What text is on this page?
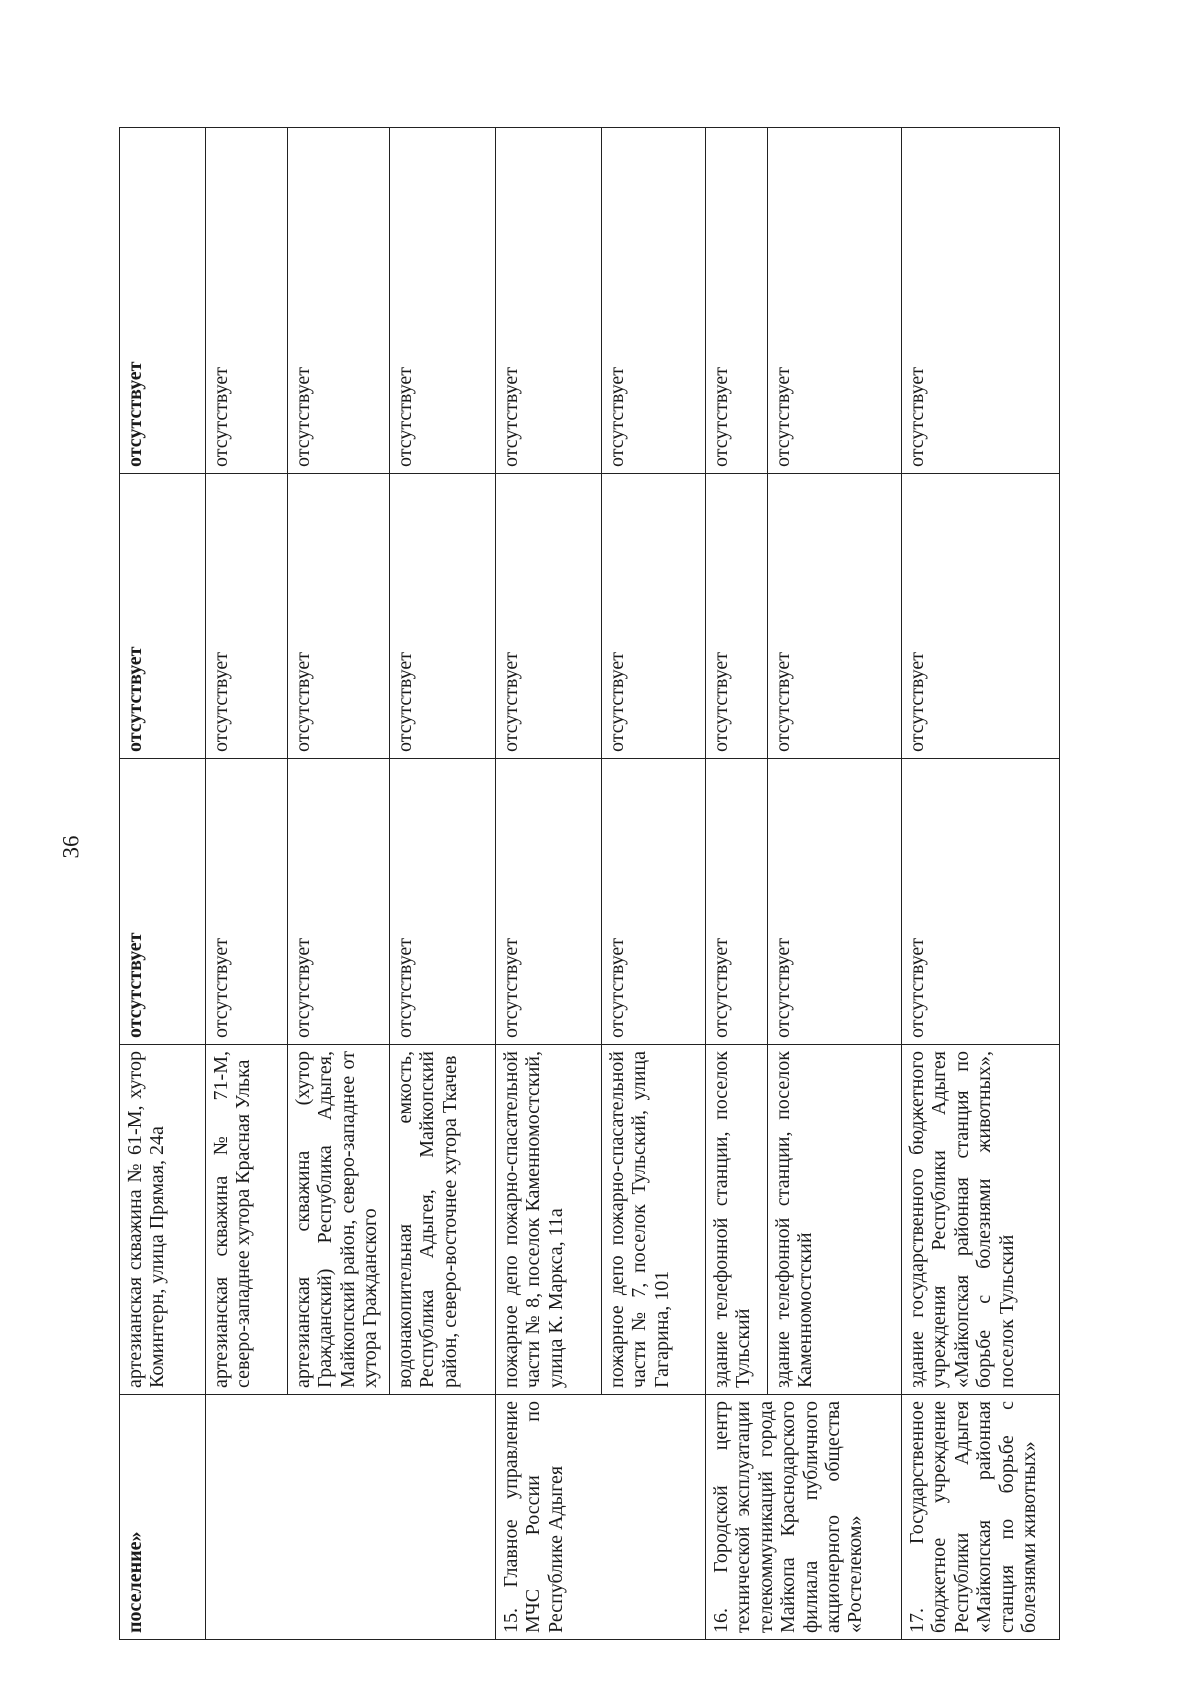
36
поселение»	артезианская скважина № 61-М, хутор Коминтерн, улица Прямая, 24а	отсутствует	отсутствует	отсутствует
	артезианская скважина № 71-М, северо-западнее хутора Красная Улька	отсутствует	отсутствует	отсутствует
	артезианская скважина (хутор Гражданский) Республика Адыгея, Майкопский район, северо-западнее от хутора Гражданского	отсутствует	отсутствует	отсутствует
	водонакопительная емкость, Республика Адыгея, Майкопский район, северо-восточнее хутора Ткачев	отсутствует	отсутствует	отсутствует
15. Главное управление МЧС России по Республике Адыгея	пожарное депо пожарно-спасательной части № 8, поселок Каменномостский, улица К. Маркса, 11а	отсутствует	отсутствует	отсутствует
	пожарное депо пожарно-спасательной части № 7, поселок Тульский, улица Гагарина, 101	отсутствует	отсутствует	отсутствует
16. Городской центр технической эксплуатации телекоммуникаций города Майкопа Краснодарского филиала публичного акционерного общества «Ростелеком»	здание телефонной станции, поселок Тульский	отсутствует	отсутствует	отсутствует
	здание телефонной станции, поселок Каменномостский	отсутствует	отсутствует	отсутствует
17. Государственное бюджетное учреждение Республики Адыгея «Майкопская районная станция по борьбе с болезнями животных»	здание государственного бюджетного учреждения Республики Адыгея «Майкопская районная станция по борьбе с болезнями животных», поселок Тульский	отсутствует	отсутствует	отсутствует
